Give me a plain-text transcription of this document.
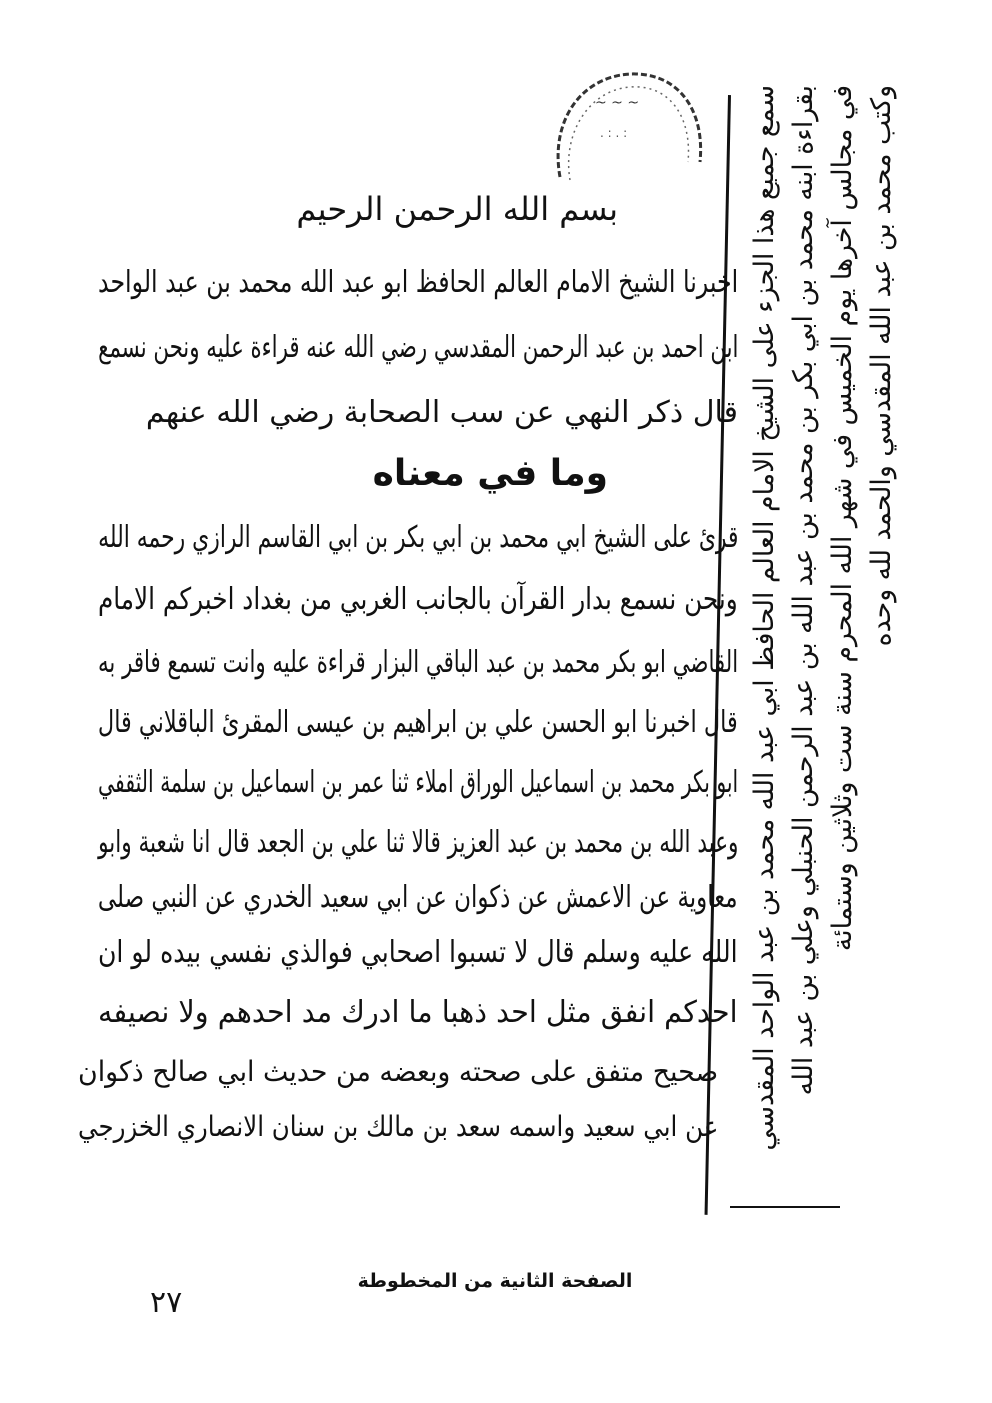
~ ~ ~
. : . :
بسم الله الرحمن الرحيم
اخبرنا الشيخ الامام العالم الحافظ ابو عبد الله محمد بن عبد الواحد
ابن احمد بن عبد الرحمن المقدسي رضي الله عنه قراءة عليه ونحن نسمع
قال ذكر النهي عن سب الصحابة رضي الله عنهم
وما في معناه
قرئ على الشيخ ابي محمد بن ابي بكر بن ابي القاسم الرازي رحمه الله
ونحن نسمع بدار القرآن بالجانب الغربي من بغداد اخبركم الامام
القاضي ابو بكر محمد بن عبد الباقي البزار قراءة عليه وانت تسمع فاقر به
قال اخبرنا ابو الحسن علي بن ابراهيم بن عيسى المقرئ الباقلاني قال
ابو بكر محمد بن اسماعيل الوراق املاء ثنا عمر بن اسماعيل بن سلمة الثقفي
وعبد الله بن محمد بن عبد العزيز قالا ثنا علي بن الجعد قال انا شعبة وابو
معاوية عن الاعمش عن ذكوان عن ابي سعيد الخدري عن النبي صلى
الله عليه وسلم قال لا تسبوا اصحابي فوالذي نفسي بيده لو ان
احدكم انفق مثل احد ذهبا ما ادرك مد احدهم ولا نصيفه
صحيح متفق على صحته وبعضه من حديث ابي صالح ذكوان
عن ابي سعيد واسمه سعد بن مالك بن سنان الانصاري الخزرجي سمع جميع هذا الجزء على الشيخ الامام العالم الحافظ ابي عبد الله محمد بن عبد الواحد المقدسي بقراءة ابنه محمد بن ابي بكر بن محمد بن عبد الله بن عبد الرحمن الحنبلي وعلي بن عبد الله في مجالس آخرها يوم الخميس في شهر الله المحرم سنة ست وثلاثين وستمائة وكتب محمد بن عبد الله المقدسي والحمد لله وحده
الصفحة الثانية من المخطوطة
٢٧
